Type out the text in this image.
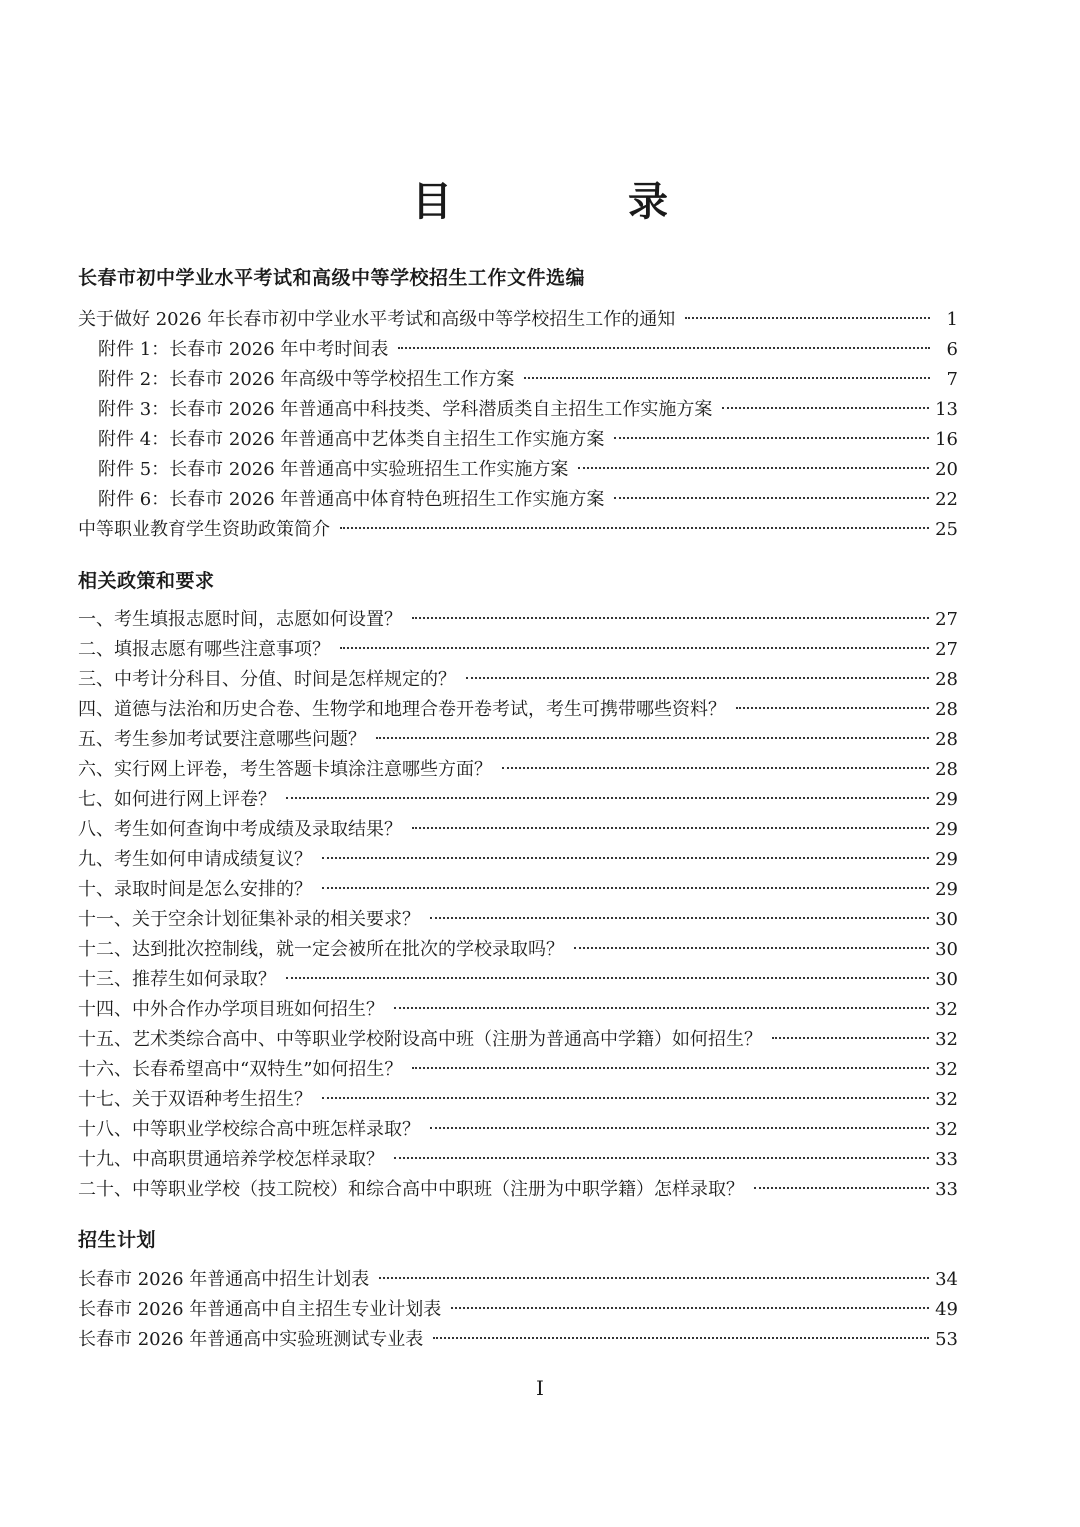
目　录
长春市初中学业水平考试和高级中等学校招生工作文件选编
关于做好 2026 年长春市初中学业水平考试和高级中等学校招生工作的通知	1
附件 1：长春市 2026 年中考时间表	6
附件 2：长春市 2026 年高级中等学校招生工作方案	7
附件 3：长春市 2026 年普通高中科技类、学科潜质类自主招生工作实施方案	13
附件 4：长春市 2026 年普通高中艺体类自主招生工作实施方案	16
附件 5：长春市 2026 年普通高中实验班招生工作实施方案	20
附件 6：长春市 2026 年普通高中体育特色班招生工作实施方案	22
中等职业教育学生资助政策简介	25
相关政策和要求
一、考生填报志愿时间，志愿如何设置？	27
二、填报志愿有哪些注意事项？	27
三、中考计分科目、分值、时间是怎样规定的？	28
四、道德与法治和历史合卷、生物学和地理合卷开卷考试，考生可携带哪些资料？	28
五、考生参加考试要注意哪些问题？	28
六、实行网上评卷，考生答题卡填涂注意哪些方面？	28
七、如何进行网上评卷？	29
八、考生如何查询中考成绩及录取结果？	29
九、考生如何申请成绩复议？	29
十、录取时间是怎么安排的？	29
十一、关于空余计划征集补录的相关要求？	30
十二、达到批次控制线，就一定会被所在批次的学校录取吗？	30
十三、推荐生如何录取？	30
十四、中外合作办学项目班如何招生？	32
十五、艺术类综合高中、中等职业学校附设高中班（注册为普通高中学籍）如何招生？	32
十六、长春希望高中“双特生”如何招生？	32
十七、关于双语种考生招生？	32
十八、中等职业学校综合高中班怎样录取？	32
十九、中高职贯通培养学校怎样录取？	33
二十、中等职业学校（技工院校）和综合高中中职班（注册为中职学籍）怎样录取？	33
招生计划
长春市 2026 年普通高中招生计划表	34
长春市 2026 年普通高中自主招生专业计划表	49
长春市 2026 年普通高中实验班测试专业表	53
I
